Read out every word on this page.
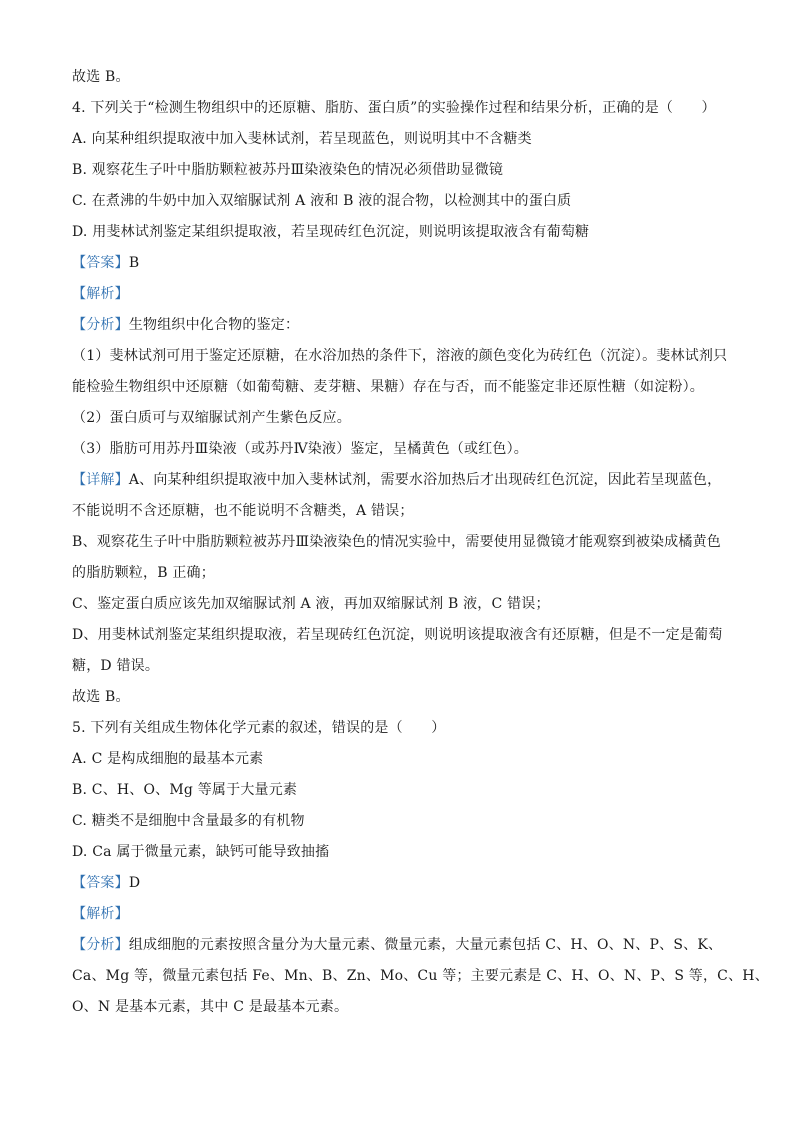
故选 B。
4. 下列关于“检测生物组织中的还原糖、脂肪、蛋白质”的实验操作过程和结果分析，正确的是（　　）
A. 向某种组织提取液中加入斐林试剂，若呈现蓝色，则说明其中不含糖类
B. 观察花生子叶中脂肪颗粒被苏丹Ⅲ染液染色的情况必须借助显微镜
C. 在煮沸的牛奶中加入双缩脲试剂 A 液和 B 液的混合物，以检测其中的蛋白质
D. 用斐林试剂鉴定某组织提取液，若呈现砖红色沉淀，则说明该提取液含有葡萄糖
【答案】B
【解析】
【分析】生物组织中化合物的鉴定：
（1）斐林试剂可用于鉴定还原糖，在水浴加热的条件下，溶液的颜色变化为砖红色（沉淀）。斐林试剂只
能检验生物组织中还原糖（如葡萄糖、麦芽糖、果糖）存在与否，而不能鉴定非还原性糖（如淀粉）。
（2）蛋白质可与双缩脲试剂产生紫色反应。
（3）脂肪可用苏丹Ⅲ染液（或苏丹Ⅳ染液）鉴定，呈橘黄色（或红色）。
【详解】A、向某种组织提取液中加入斐林试剂，需要水浴加热后才出现砖红色沉淀，因此若呈现蓝色，
不能说明不含还原糖，也不能说明不含糖类，A 错误；
B、观察花生子叶中脂肪颗粒被苏丹Ⅲ染液染色的情况实验中，需要使用显微镜才能观察到被染成橘黄色
的脂肪颗粒，B 正确；
C、鉴定蛋白质应该先加双缩脲试剂 A 液，再加双缩脲试剂 B 液，C 错误；
D、用斐林试剂鉴定某组织提取液，若呈现砖红色沉淀，则说明该提取液含有还原糖，但是不一定是葡萄
糖，D 错误。
故选 B。
5. 下列有关组成生物体化学元素的叙述，错误的是（　　）
A. C 是构成细胞的最基本元素
B. C、H、O、Mg 等属于大量元素
C. 糖类不是细胞中含量最多的有机物
D. Ca 属于微量元素，缺钙可能导致抽搐
【答案】D
【解析】
【分析】组成细胞的元素按照含量分为大量元素、微量元素，大量元素包括 C、H、O、N、P、S、K、
Ca、Mg 等，微量元素包括 Fe、Mn、B、Zn、Mo、Cu 等；主要元素是 C、H、O、N、P、S 等，C、H、
O、N 是基本元素，其中 C 是最基本元素。
